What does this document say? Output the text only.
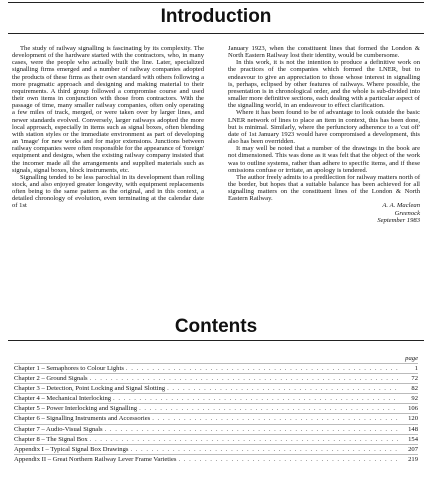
Introduction

The study of railway signalling is fascinating by its complexity. The development of the hardware started with the contractors, who, in many cases, were the people who actually built the line. Later, specialized signalling firms emerged and a number of railway companies adopted the products of these firms as their own standard with others following a more pragmatic approach and designing and making material to their requirements. A third group followed a compromise course and used their own items in conjunction with those from contractors. With the passage of time, many smaller railway companies, often only operating a few miles of track, merged, or were taken over by larger lines, and newer standards evolved. Conversely, larger railways adopted the more local approach, especially in items such as signal boxes, often blending with station styles or the immediate environment as part of developing an 'image' for new works and for major extensions. Junctions between railway companies were often responsible for the appearance of 'foreign' equipment and designs, when the existing railway company insisted that the incomer made all the arrangements and supplied materials such as signals, signal boxes, block instruments, etc.

Signalling tended to be less parochial in its development than rolling stock, and also enjoyed greater longevity, with equipment replacements often being to the same pattern as the original, and in this context, a detailed chronology of evolution, even terminating at the calendar date of 1st

January 1923, when the constituent lines that formed the London & North Eastern Railway lost their identity, would be cumbersome.

In this work, it is not the intention to produce a definitive work on the practices of the companies which formed the LNER, but to endeavour to give an appreciation to those whose interest in signalling is, perhaps, eclipsed by other features of railways. Where possible, the presentation is in chronological order, and the whole is sub-divided into smaller more definitive sections, each dealing with a particular aspect of the signalling world, in an endeavour to effect clarification.

Where it has been found to be of advantage to look outside the basic LNER network of lines to place an item in context, this has been done, but is minimal. Similarly, where the perfunctory adherence to a 'cut off' date of 1st January 1923 would have compromised a development, this also has been overridden.

It may well be noted that a number of the drawings in the book are not dimensioned. This was done as it was felt that the object of the work was to outline systems, rather than adhere to specific items, and if these omissions confuse or irritate, an apology is tendered.

The author freely admits to a predilection for railway matters north of the border, but hopes that a suitable balance has been achieved for all signalling matters on the constituent lines of the London & North Eastern Railway.

A. A. Maclean
Greenock
September 1983
Contents
page
Chapter 1 – Semaphores to Colour Lights . . .	1
Chapter 2 – Ground Signals . . .	72
Chapter 3 – Detection, Point Locking and Signal Slotting . . .	82
Chapter 4 – Mechanical Interlocking . . .	92
Chapter 5 – Power Interlocking and Signalling . . .	106
Chapter 6 – Signalling Instruments and Accessories . . .	120
Chapter 7 – Audio-Visual Signals . . .	148
Chapter 8 – The Signal Box . . .	154
Appendix I – Typical Signal Box Drawings . . .	207
Appendix II – Great Northern Railway Lever Frame Varieties . . .	219
